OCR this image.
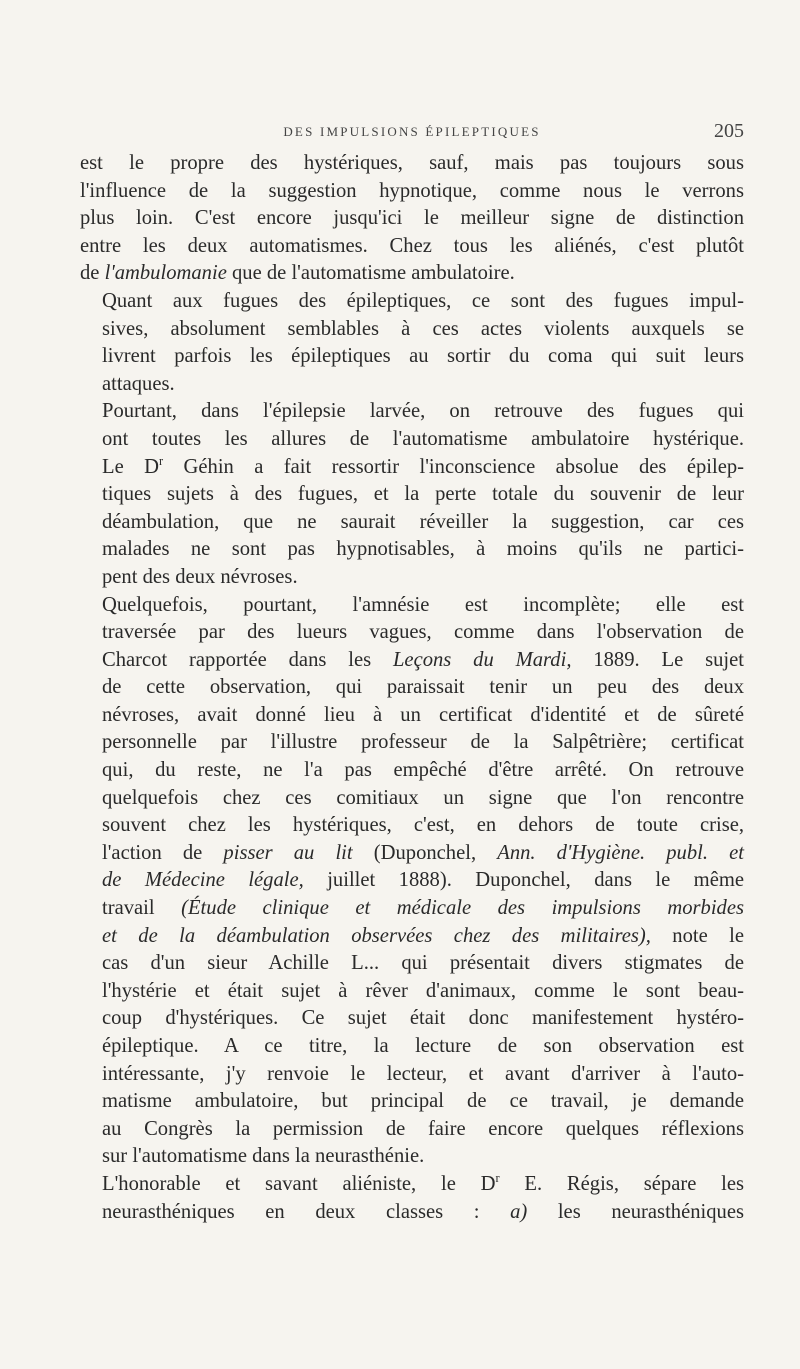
DES IMPULSIONS ÉPILEPTIQUES	205

est le propre des hystériques, sauf, mais pas toujours sous
l'influence de la suggestion hypnotique, comme nous le verrons
plus loin. C'est encore jusqu'ici le meilleur signe de distinction
entre les deux automatismes. Chez tous les aliénés, c'est plutôt
de l'ambulomanie que de l'automatisme ambulatoire.

Quant aux fugues des épileptiques, ce sont des fugues impul-
sives, absolument semblables à ces actes violents auxquels se
livrent parfois les épileptiques au sortir du coma qui suit leurs
attaques.

Pourtant, dans l'épilepsie larvée, on retrouve des fugues qui
ont toutes les allures de l'automatisme ambulatoire hystérique.
Le $D^r$ Géhin a fait ressortir l'inconscience absolue des épilep-
tiques sujets à des fugues, et la perte totale du souvenir de leur
déambulation, que ne saurait réveiller la suggestion, car ces
malades ne sont pas hypnotisables, à moins qu'ils ne partici-
pent des deux névroses.

Quelquefois, pourtant, l'amnésie est incomplète; elle est
traversée par des lueurs vagues, comme dans l'observation de
Charcot rapportée dans les Leçons du Mardi, 1889. Le sujet
de cette observation, qui paraissait tenir un peu des deux
névroses, avait donné lieu à un certificat d'identité et de sûreté
personnelle par l'illustre professeur de la Salpêtrière; certificat
qui, du reste, ne l'a pas empêché d'être arrêté. On retrouve
quelquefois chez ces comitiaux un signe que l'on rencontre
souvent chez les hystériques, c'est, en dehors de toute crise,
l'action de pisser au lit (Duponchel, Ann. d'Hygiène. publ. et
de Médecine légale, juillet 1888). Duponchel, dans le même
travail (Étude clinique et médicale des impulsions morbides
et de la déambulation observées chez des militaires), note le
cas d'un sieur Achille L... qui présentait divers stigmates de
l'hystérie et était sujet à rêver d'animaux, comme le sont beau-
coup d'hystériques. Ce sujet était donc manifestement hystéro-
épileptique. A ce titre, la lecture de son observation est
intéressante, j'y renvoie le lecteur, et avant d'arriver à l'auto-
matisme ambulatoire, but principal de ce travail, je demande
au Congrès la permission de faire encore quelques réflexions
sur l'automatisme dans la neurasthénie.

L'honorable et savant aliéniste, le $D^r$ E. Régis, sépare les
neurasthéniques en deux classes : a) les neurasthéniques
